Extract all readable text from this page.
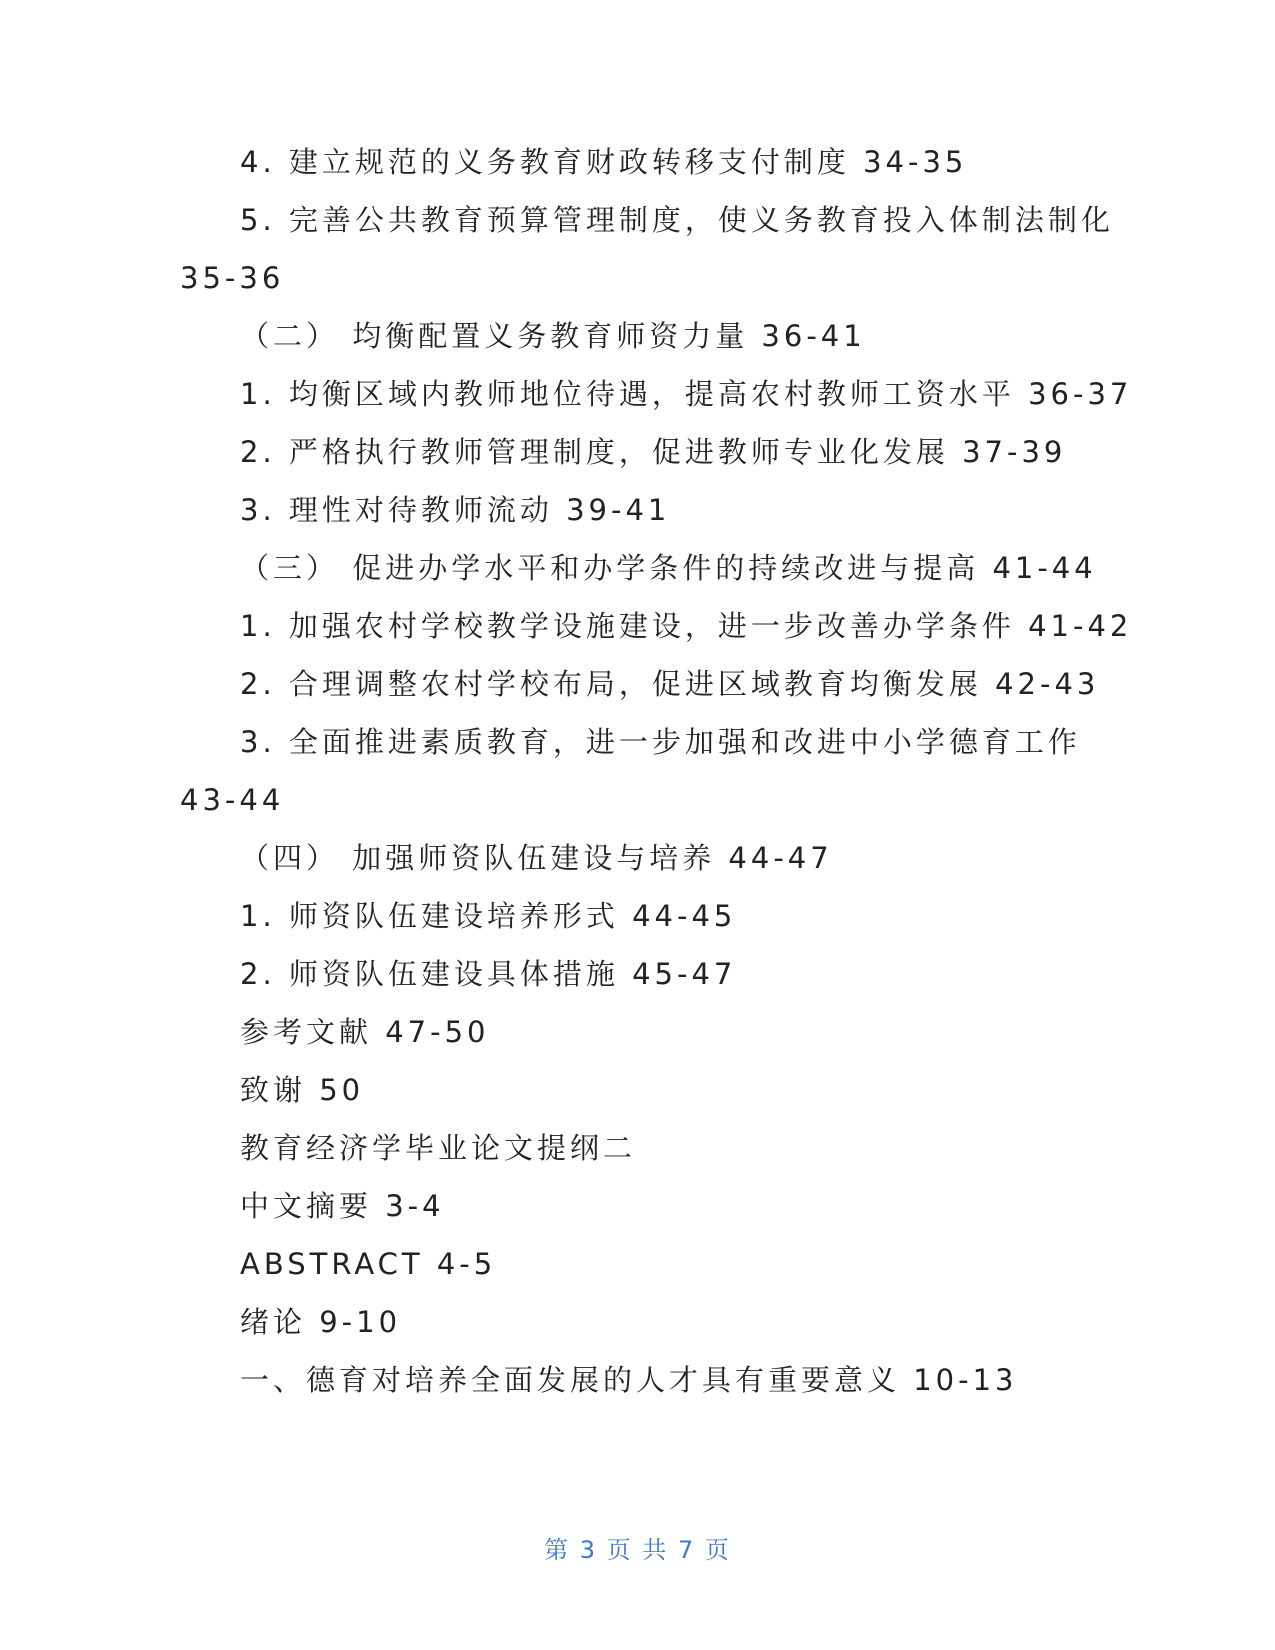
4. 建立规范的义务教育财政转移支付制度 34-35
5. 完善公共教育预算管理制度，使义务教育投入体制法制化
35-36
（二） 均衡配置义务教育师资力量 36-41
1. 均衡区域内教师地位待遇，提高农村教师工资水平 36-37
2. 严格执行教师管理制度，促进教师专业化发展 37-39
3. 理性对待教师流动 39-41
（三） 促进办学水平和办学条件的持续改进与提高 41-44
1. 加强农村学校教学设施建设，进一步改善办学条件 41-42
2. 合理调整农村学校布局，促进区域教育均衡发展 42-43
3. 全面推进素质教育，进一步加强和改进中小学德育工作
43-44
（四） 加强师资队伍建设与培养 44-47
1. 师资队伍建设培养形式 44-45
2. 师资队伍建设具体措施 45-47
参考文献 47-50
致谢 50
教育经济学毕业论文提纲二
中文摘要 3-4
ABSTRACT 4-5
绪论 9-10
一、德育对培养全面发展的人才具有重要意义 10-13
第 3 页 共 7 页
